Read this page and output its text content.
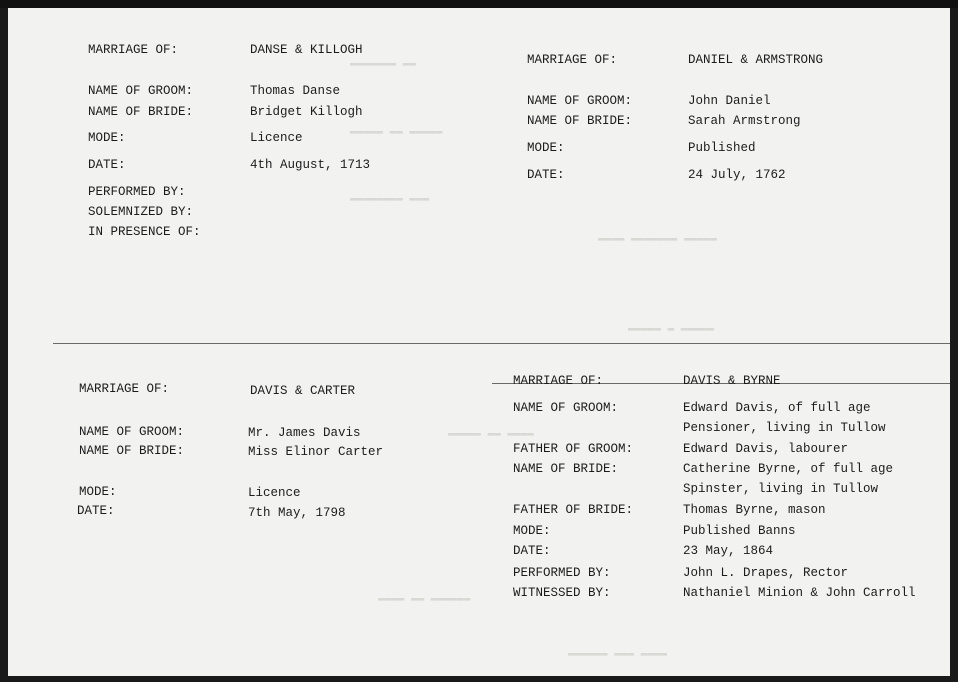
▬▬▬▬▬▬▬ ▬▬
▬▬▬▬▬ ▬▬ ▬▬▬▬▬
▬▬▬▬▬▬▬▬ ▬▬▬
▬▬▬▬ ▬▬▬▬▬▬▬ ▬▬▬▬▬
▬▬▬▬▬ ▬ ▬▬▬▬▬
▬▬▬▬▬ ▬▬ ▬▬▬▬
▬▬▬▬ ▬▬ ▬▬▬▬▬▬
▬▬▬▬▬▬ ▬▬▬ ▬▬▬▬
MARRIAGE OF:	DANSE & KILLOGH
NAME OF GROOM:	Thomas Danse
NAME OF BRIDE:	Bridget Killogh
MODE:	Licence
DATE:	4th August, 1713
PERFORMED BY:
SOLEMNIZED BY:
IN PRESENCE OF:
MARRIAGE OF:	DANIEL & ARMSTRONG
NAME OF GROOM:	John Daniel
NAME OF BRIDE:	Sarah Armstrong
MODE:	Published
DATE:	24 July, 1762
MARRIAGE OF:	DAVIS & CARTER
NAME OF GROOM:	Mr. James Davis
NAME OF BRIDE:	Miss Elinor Carter
MODE:	Licence
DATE:	7th May, 1798
MARRIAGE OF:	DAVIS & BYRNE
NAME OF GROOM:	Edward Davis, of full age
Pensioner, living in Tullow
FATHER OF GROOM:	Edward Davis, labourer
NAME OF BRIDE:	Catherine Byrne, of full age
Spinster, living in Tullow
FATHER OF BRIDE:	Thomas Byrne, mason
MODE:	Published Banns
DATE:	23 May, 1864
PERFORMED BY:	John L. Drapes, Rector
WITNESSED BY:	Nathaniel Minion & John Carroll
